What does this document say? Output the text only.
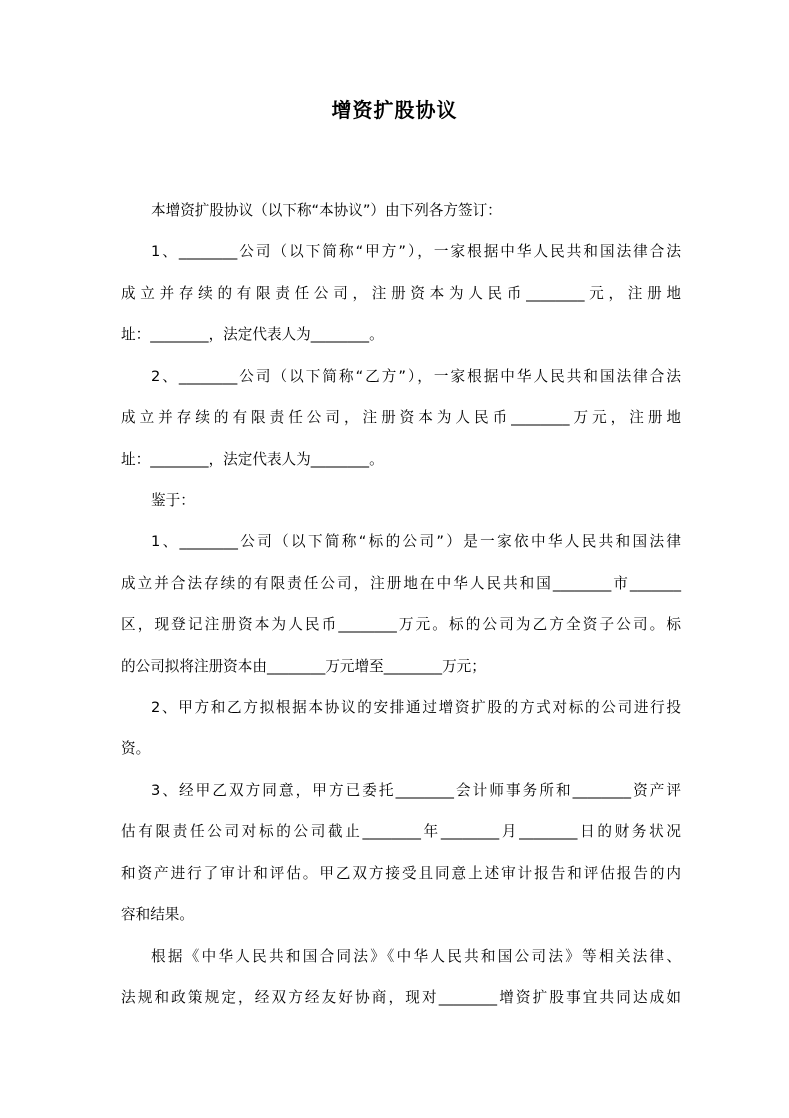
增资扩股协议
本增资扩股协议（以下称“本协议”）由下列各方签订：
1、________公司（以下简称“甲方”），一家根据中华人民共和国法律合法
成立并存续的有限责任公司，注册资本为人民币________元，注册地
址：________，法定代表人为________。
2、________公司（以下简称“乙方”），一家根据中华人民共和国法律合法
成立并存续的有限责任公司，注册资本为人民币________万元，注册地
址：________，法定代表人为________。
鉴于：
1、________公司（以下简称“标的公司”）是一家依中华人民共和国法律
成立并合法存续的有限责任公司，注册地在中华人民共和国________市_______
区，现登记注册资本为人民币________万元。标的公司为乙方全资子公司。标
的公司拟将注册资本由________万元增至________万元；
2、甲方和乙方拟根据本协议的安排通过增资扩股的方式对标的公司进行投
资。
3、经甲乙双方同意，甲方已委托________会计师事务所和________资产评
估有限责任公司对标的公司截止________年________月________日的财务状况
和资产进行了审计和评估。甲乙双方接受且同意上述审计报告和评估报告的内
容和结果。
根据《中华人民共和国合同法》《中华人民共和国公司法》等相关法律、
法规和政策规定，经双方经友好协商，现对________增资扩股事宜共同达成如
